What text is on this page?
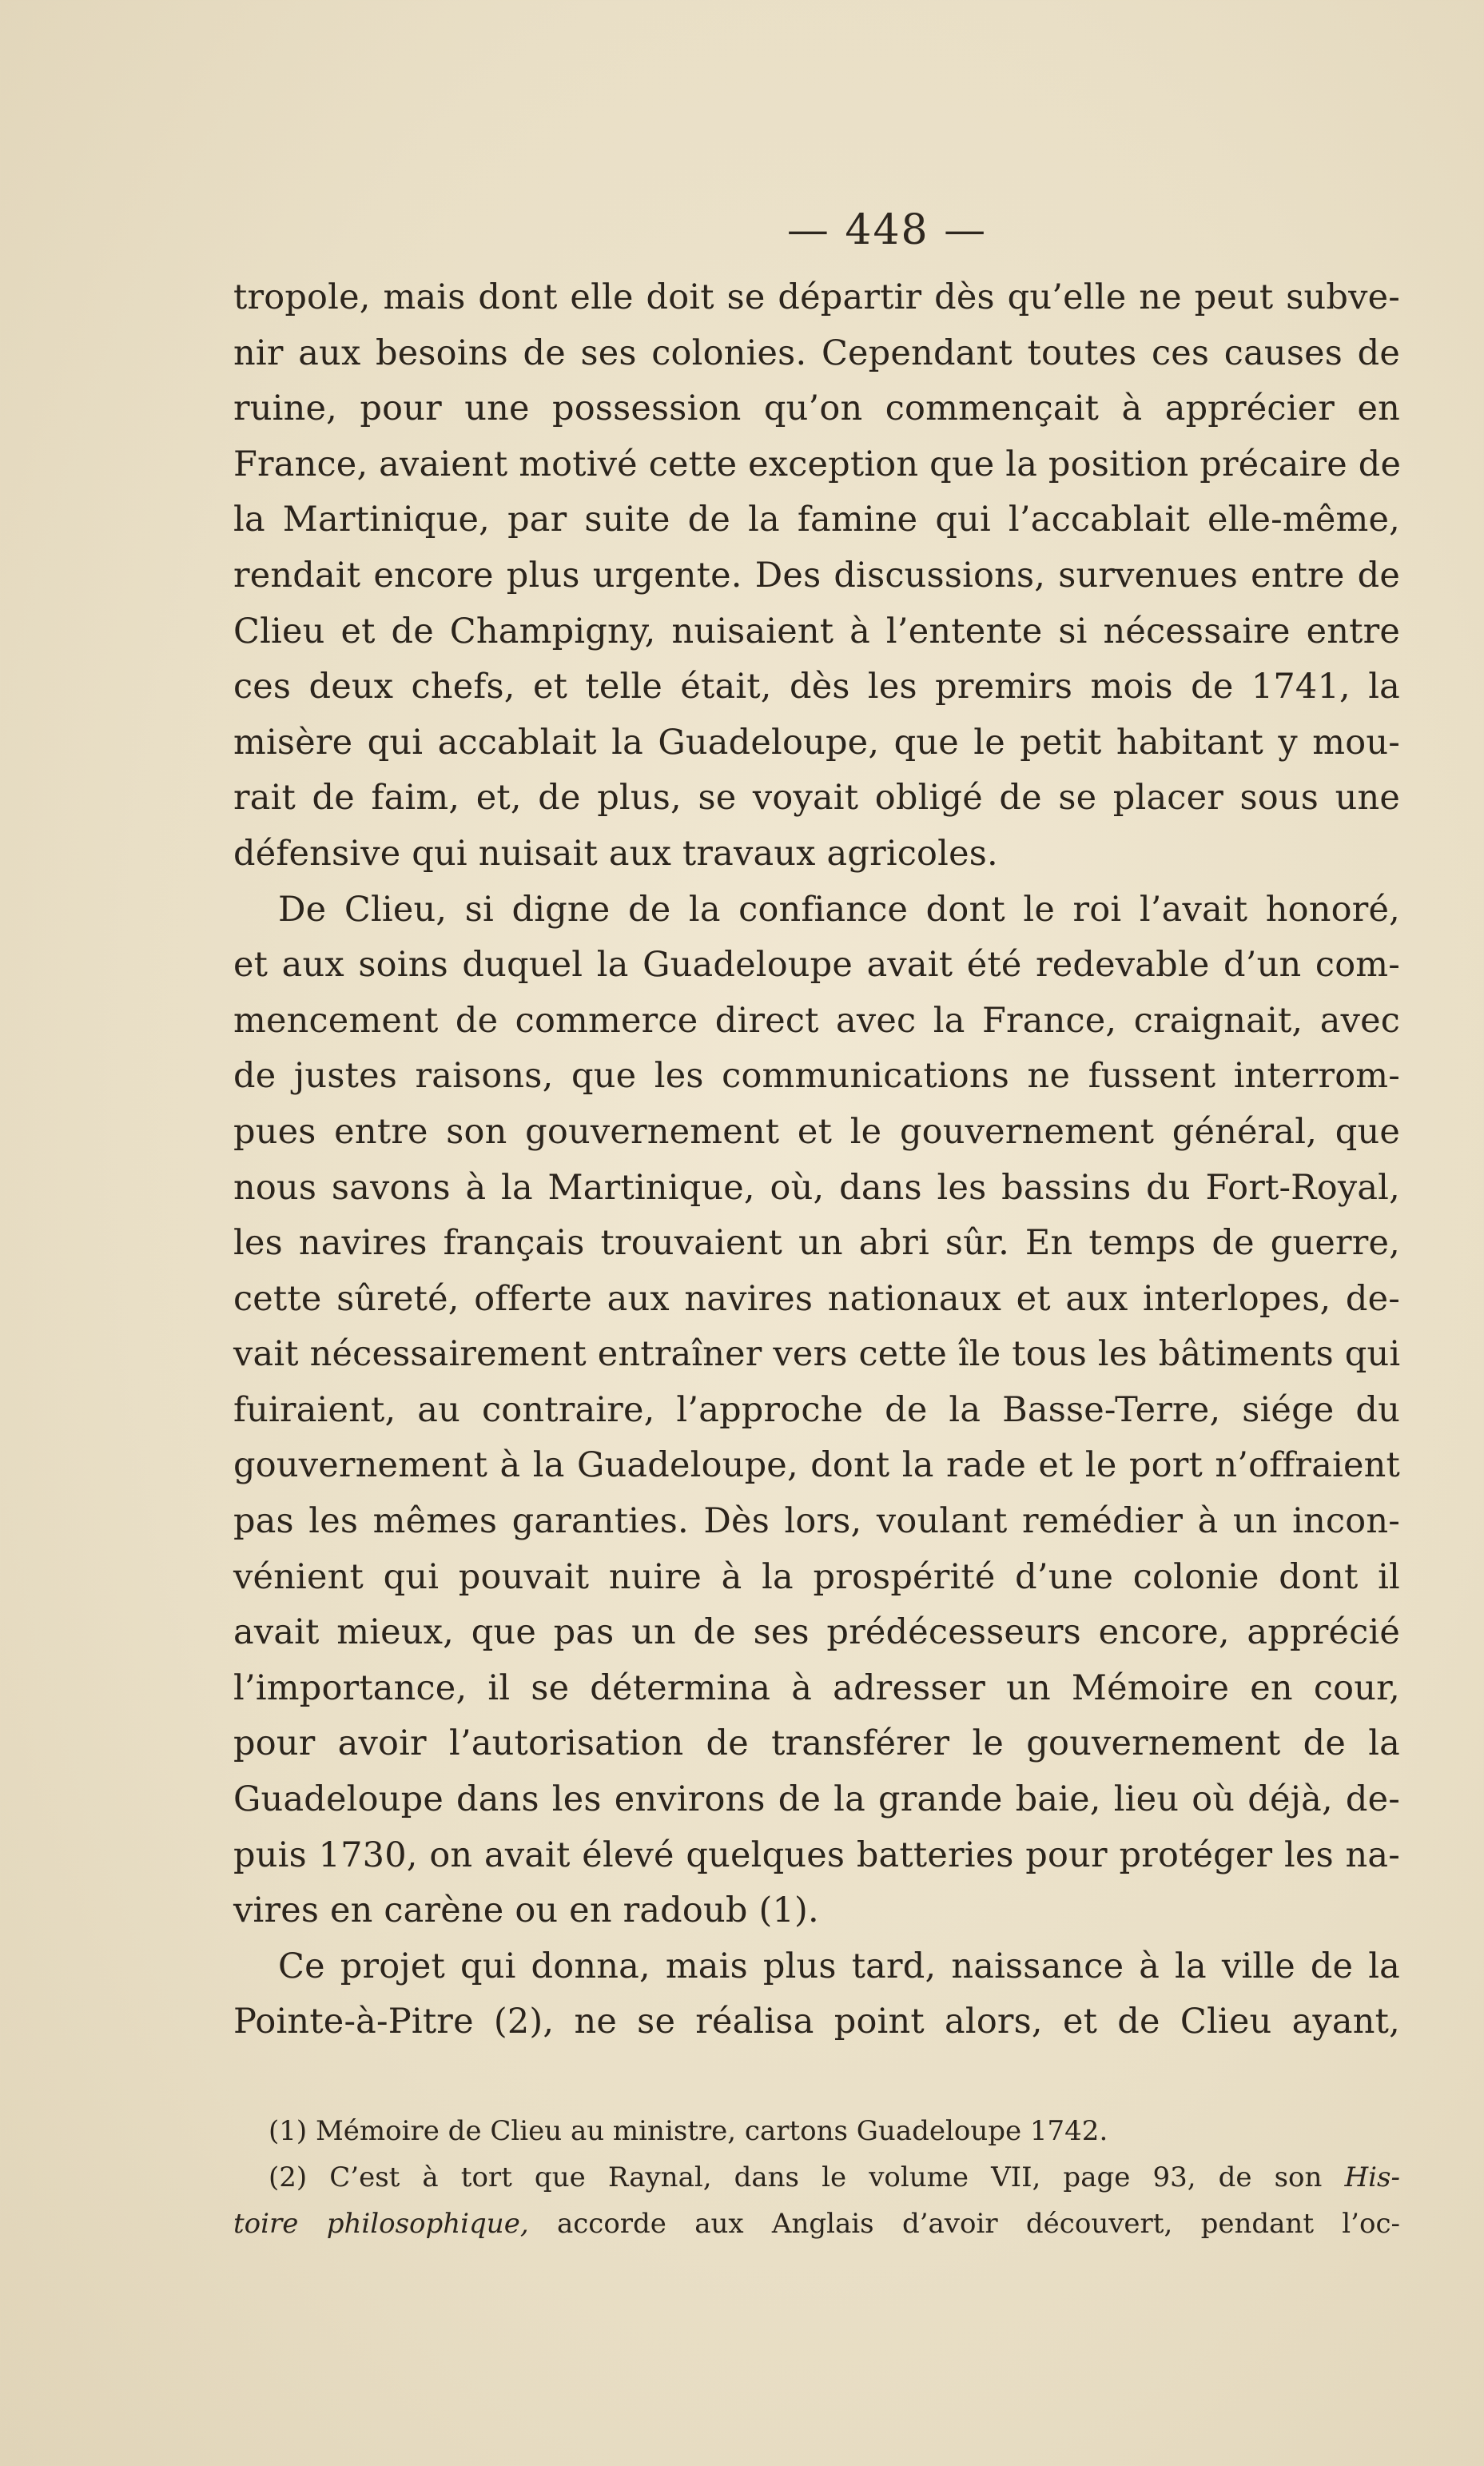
— 448 —
tropole, mais dont elle doit se départir dès qu’elle ne peut subve-
nir aux besoins de ses colonies. Cependant toutes ces causes de
ruine, pour une possession qu’on commençait à apprécier en
France, avaient motivé cette exception que la position précaire de
la Martinique, par suite de la famine qui l’accablait elle-même,
rendait encore plus urgente. Des discussions, survenues entre de
Clieu et de Champigny, nuisaient à l’entente si nécessaire entre
ces deux chefs, et telle était, dès les premirs mois de 1741, la
misère qui accablait la Guadeloupe, que le petit habitant y mou-
rait de faim, et, de plus, se voyait obligé de se placer sous une
défensive qui nuisait aux travaux agricoles.
De Clieu, si digne de la confiance dont le roi l’avait honoré,
et aux soins duquel la Guadeloupe avait été redevable d’un com-
mencement de commerce direct avec la France, craignait, avec
de justes raisons, que les communications ne fussent interrom-
pues entre son gouvernement et le gouvernement général, que
nous savons à la Martinique, où, dans les bassins du Fort-Royal,
les navires français trouvaient un abri sûr. En temps de guerre,
cette sûreté, offerte aux navires nationaux et aux interlopes, de-
vait nécessairement entraîner vers cette île tous les bâtiments qui
fuiraient, au contraire, l’approche de la Basse-Terre, siége du
gouvernement à la Guadeloupe, dont la rade et le port n’offraient
pas les mêmes garanties. Dès lors, voulant remédier à un incon-
vénient qui pouvait nuire à la prospérité d’une colonie dont il
avait mieux, que pas un de ses prédécesseurs encore, apprécié
l’importance, il se détermina à adresser un Mémoire en cour,
pour avoir l’autorisation de transférer le gouvernement de la
Guadeloupe dans les environs de la grande baie, lieu où déjà, de-
puis 1730, on avait élevé quelques batteries pour protéger les na-
vires en carène ou en radoub (1).
Ce projet qui donna, mais plus tard, naissance à la ville de la
Pointe-à-Pitre (2), ne se réalisa point alors, et de Clieu ayant,
(1) Mémoire de Clieu au ministre, cartons Guadeloupe 1742.
(2) C’est à tort que Raynal, dans le volume VII, page 93, de son His-
toire philosophique, accorde aux Anglais d’avoir découvert, pendant l’oc-
